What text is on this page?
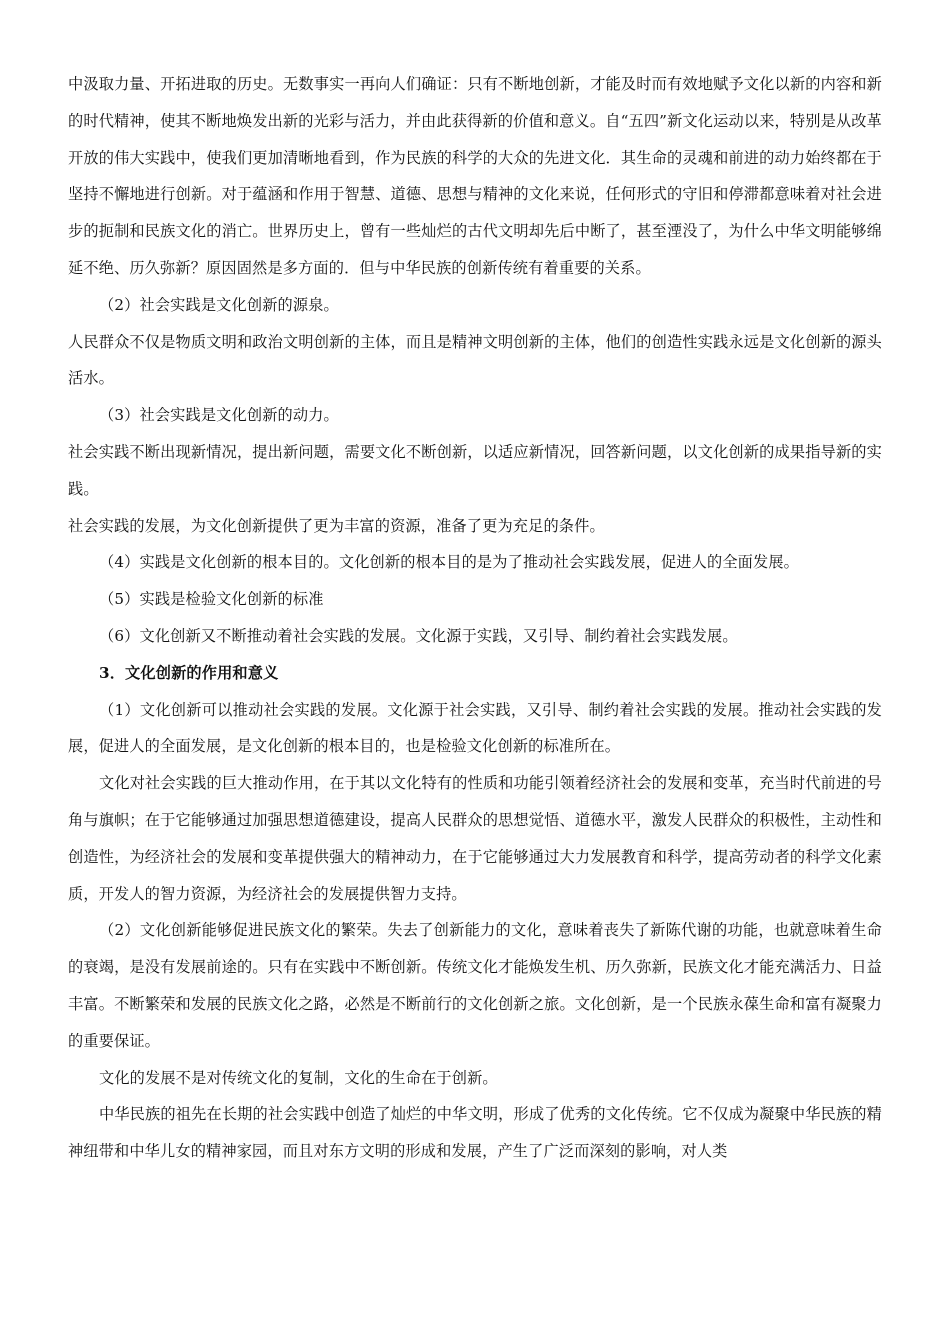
中汲取力量、开拓进取的历史。无数事实一再向人们确证：只有不断地创新，才能及时而有效地赋予文化以新的内容和新的时代精神，使其不断地焕发出新的光彩与活力，并由此获得新的价值和意义。自“五四”新文化运动以来，特别是从改革开放的伟大实践中，使我们更加清晰地看到，作为民族的科学的大众的先进文化．其生命的灵魂和前进的动力始终都在于坚持不懈地进行创新。对于蕴涵和作用于智慧、道德、思想与精神的文化来说，任何形式的守旧和停滞都意味着对社会进步的扼制和民族文化的消亡。世界历史上，曾有一些灿烂的古代文明却先后中断了，甚至湮没了，为什么中华文明能够绵延不绝、历久弥新？原因固然是多方面的．但与中华民族的创新传统有着重要的关系。

（2）社会实践是文化创新的源泉。

人民群众不仅是物质文明和政治文明创新的主体，而且是精神文明创新的主体，他们的创造性实践永远是文化创新的源头活水。

（3）社会实践是文化创新的动力。

社会实践不断出现新情况，提出新问题，需要文化不断创新，以适应新情况，回答新问题，以文化创新的成果指导新的实践。

社会实践的发展，为文化创新提供了更为丰富的资源，准备了更为充足的条件。

（4）实践是文化创新的根本目的。文化创新的根本目的是为了推动社会实践发展，促进人的全面发展。

（5）实践是检验文化创新的标准

（6）文化创新又不断推动着社会实践的发展。文化源于实践，又引导、制约着社会实践发展。

3．文化创新的作用和意义

（1）文化创新可以推动社会实践的发展。文化源于社会实践，又引导、制约着社会实践的发展。推动社会实践的发展，促进人的全面发展，是文化创新的根本目的，也是检验文化创新的标准所在。

文化对社会实践的巨大推动作用，在于其以文化特有的性质和功能引领着经济社会的发展和变革，充当时代前进的号角与旗帜；在于它能够通过加强思想道德建设，提高人民群众的思想觉悟、道德水平，激发人民群众的积极性，主动性和创造性，为经济社会的发展和变革提供强大的精神动力，在于它能够通过大力发展教育和科学，提高劳动者的科学文化素质，开发人的智力资源，为经济社会的发展提供智力支持。

（2）文化创新能够促进民族文化的繁荣。失去了创新能力的文化，意味着丧失了新陈代谢的功能，也就意味着生命的衰竭，是没有发展前途的。只有在实践中不断创新。传统文化才能焕发生机、历久弥新，民族文化才能充满活力、日益丰富。不断繁荣和发展的民族文化之路，必然是不断前行的文化创新之旅。文化创新，是一个民族永葆生命和富有凝聚力的重要保证。

文化的发展不是对传统文化的复制，文化的生命在于创新。

中华民族的祖先在长期的社会实践中创造了灿烂的中华文明，形成了优秀的文化传统。它不仅成为凝聚中华民族的精神纽带和中华儿女的精神家园，而且对东方文明的形成和发展，产生了广泛而深刻的影响，对人类
